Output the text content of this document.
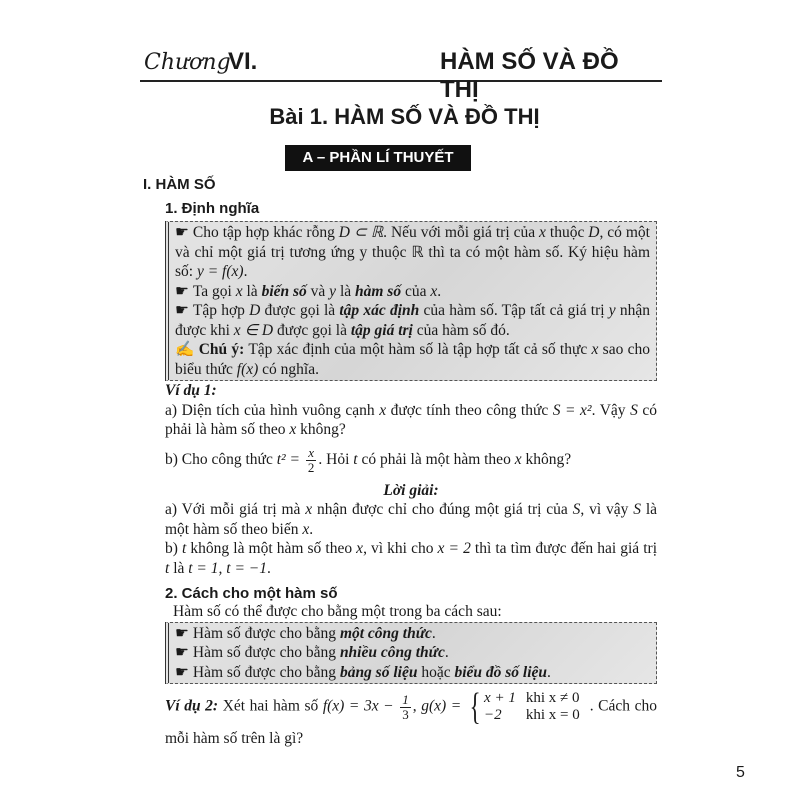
Chương
VI.	HÀM SỐ VÀ ĐỒ THỊ
Bài 1. HÀM SỐ VÀ ĐỒ THỊ
A – PHẦN LÍ THUYẾT
I. HÀM SỐ
1. Định nghĩa

☛ Cho tập hợp khác rỗng D ⊂ ℝ. Nếu với mỗi giá trị của x thuộc D, có một và chỉ một giá trị tương ứng y thuộc ℝ thì ta có một hàm số. Ký hiệu hàm số: y = f(x).

☛ Ta gọi x là biến số và y là hàm số của x.

☛ Tập hợp D được gọi là tập xác định của hàm số. Tập tất cả giá trị y nhận được khi x ∈ D được gọi là tập giá trị của hàm số đó.

✍ Chú ý: Tập xác định của một hàm số là tập hợp tất cả số thực x sao cho biểu thức f(x) có nghĩa.

Ví dụ 1:

a) Diện tích của hình vuông cạnh x được tính theo công thức S = x². Vậy S có phải là hàm số theo x không?

b) Cho công thức $t^2 = \frac{x}{2}$ . Hỏi t có phải là một hàm theo x không?

Lời giải:

a) Với mỗi giá trị mà x nhận được chỉ cho đúng một giá trị của S, vì vậy S là một hàm số theo biến x.

b) t không là một hàm số theo x, vì khi cho x = 2 thì ta tìm được đến hai giá trị t là t = 1, t = −1.

2. Cách cho một hàm số

Hàm số có thể được cho bằng một trong ba cách sau:

☛ Hàm số được cho bằng một công thức.

☛ Hàm số được cho bằng nhiều công thức.

☛ Hàm số được cho bằng bảng số liệu hoặc biểu đồ số liệu.

Ví dụ 2: Xét hai hàm số $f(x) = 3x - \frac{1}{3}$ , g(x) = { x + 1	khi x ≠ 0
−2	khi x = 0
. Cách cho mỗi hàm số trên là gì?

5
